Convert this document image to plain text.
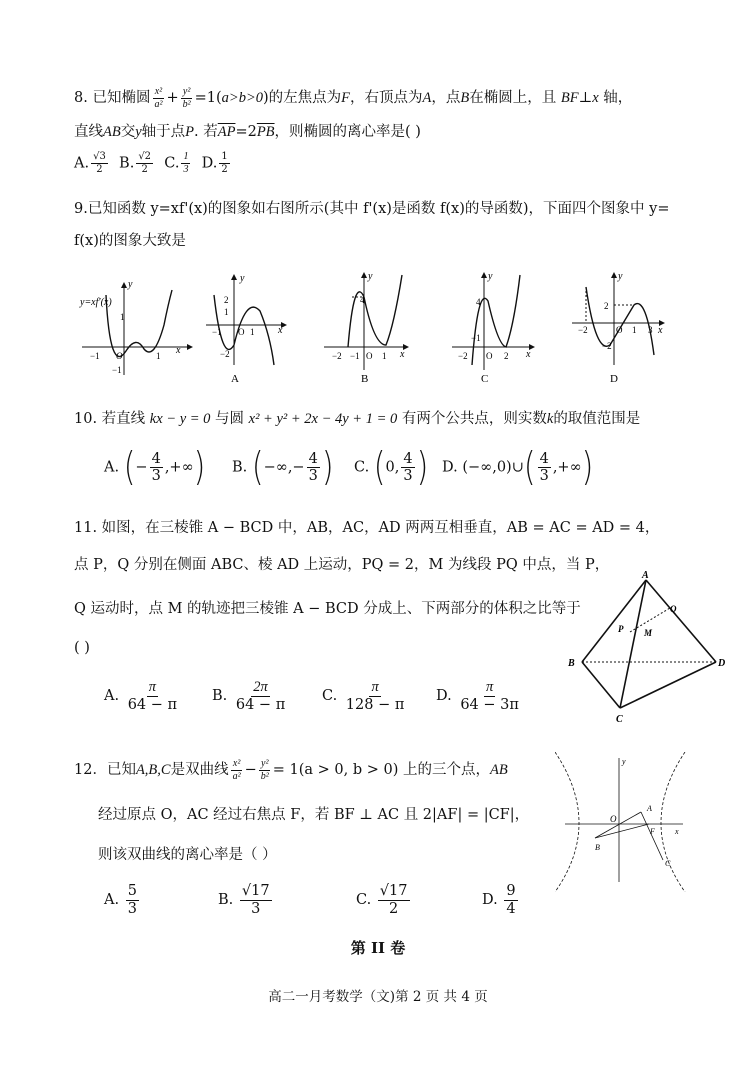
8. 已知椭圆 $\frac{\text{x²}}{\text{a²}} + \frac{\text{y²}}{\text{b²}} =1(a>b>0)$的左焦点为F，右顶点为A，点B在椭圆上，且 BF⊥x 轴，
直线AB交y轴于点P. 若$\overline{AP}=2\overline{PB}$，则椭圆的离心率是( )
A. $\frac{√3}{2} B$. $\frac{√2}{2} C$. $\frac{1}{3} D$. $\frac{1}{2}$
9.已知函数 y=xf'(x)的图象如右图所示(其中 f'(x)是函数 f(x)的导函数)，下面四个图象中 y=
f(x)的图象大致是
x
y
y=xf′(x)
−1 O	1
1
−1
y
x
2
1
−1 O 1
−2
A
y
x
4
−2 −1 O 1
B
y
x
4
−2 O 2
−1
C
y
x
−2	O 1 3
2
−2
D
10. 若直线 kx − y = 0 与圆 x² + y² + 2x − 4y + 1 = 0 有两个公共点，则实数k的取值范围是
A. (− $\frac{4}{3}$ ,+∞) B. (−∞,− $\frac{4}{3}$ ) C. (0, $\frac{4}{3}$ ) D. (−∞,0)∪( $\frac{4}{3}$ ,+∞)
11. 如图，在三棱锥 A − BCD 中，AB，AC，AD 两两互相垂直，AB = AC = AD = 4，
点 P，Q 分别在侧面 ABC、棱 AD 上运动，PQ = 2，M 为线段 PQ 中点，当 P，
Q 运动时，点 M 的轨迹把三棱锥 A − BCD 分成上、下两部分的体积之比等于
( )
A. $\frac{\pi}{64 - \pi} B$. $\frac{2\pi}{64 - \pi} C$. $\frac{\pi}{128 - \pi} D$. $\frac{\pi}{64 - 3\pi}$
A
B
C
D
P
Q
M
12．已知A,B,C是双曲线 $\frac{\text{x²}}{\text{a²}} - \frac{\text{y²}}{\text{b²}} = 1(a > 0$, b > 0) 上的三个点，AB
经过原点 O，AC 经过右焦点 F，若 BF ⊥ AC 且 2|AF| = |CF|，
则该双曲线的离心率是（ ）
A. $\frac{5}{3}$	B. $\frac{√17}{3}$	C. $\frac{√17}{2}$	D. $\frac{9}{4}$
y
x
O
A
B
C
F
第 II 卷
高二一月考数学（文)第 2 页 共 4 页
